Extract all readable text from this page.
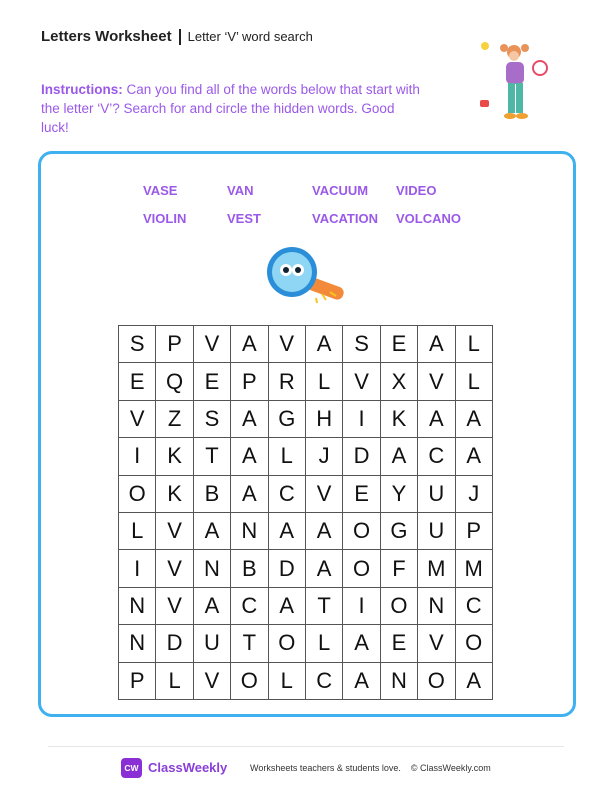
Letters Worksheet Letter ‘V’ word search
Instructions: Can you find all of the words below that start with the letter ‘V’? Search for and circle the hidden words. Good luck!
VASE	VAN	VACUUM VIDEO
VIOLIN	VEST	VACATION VOLCANO
S	P	V	A	V	A	S	E	A	L
E Q E	P	R	L	V	X	V	L
V	Z	S	A G H	I	K	A	A
I	K	T	A	L	J	D	A	C	A
O K	B	A	C	V	E	Y	U	J
L	V	A	N	A	A O G U	P
I	V	N	B	D	A O	F M M
N	V	A	C	A	T	I	O N C
N D U	T	O	L	A	E	V O
P	L	V O	L	C	A	N O A
CW ClassWeekly	Worksheets teachers & students love.    © ClassWeekly.com
